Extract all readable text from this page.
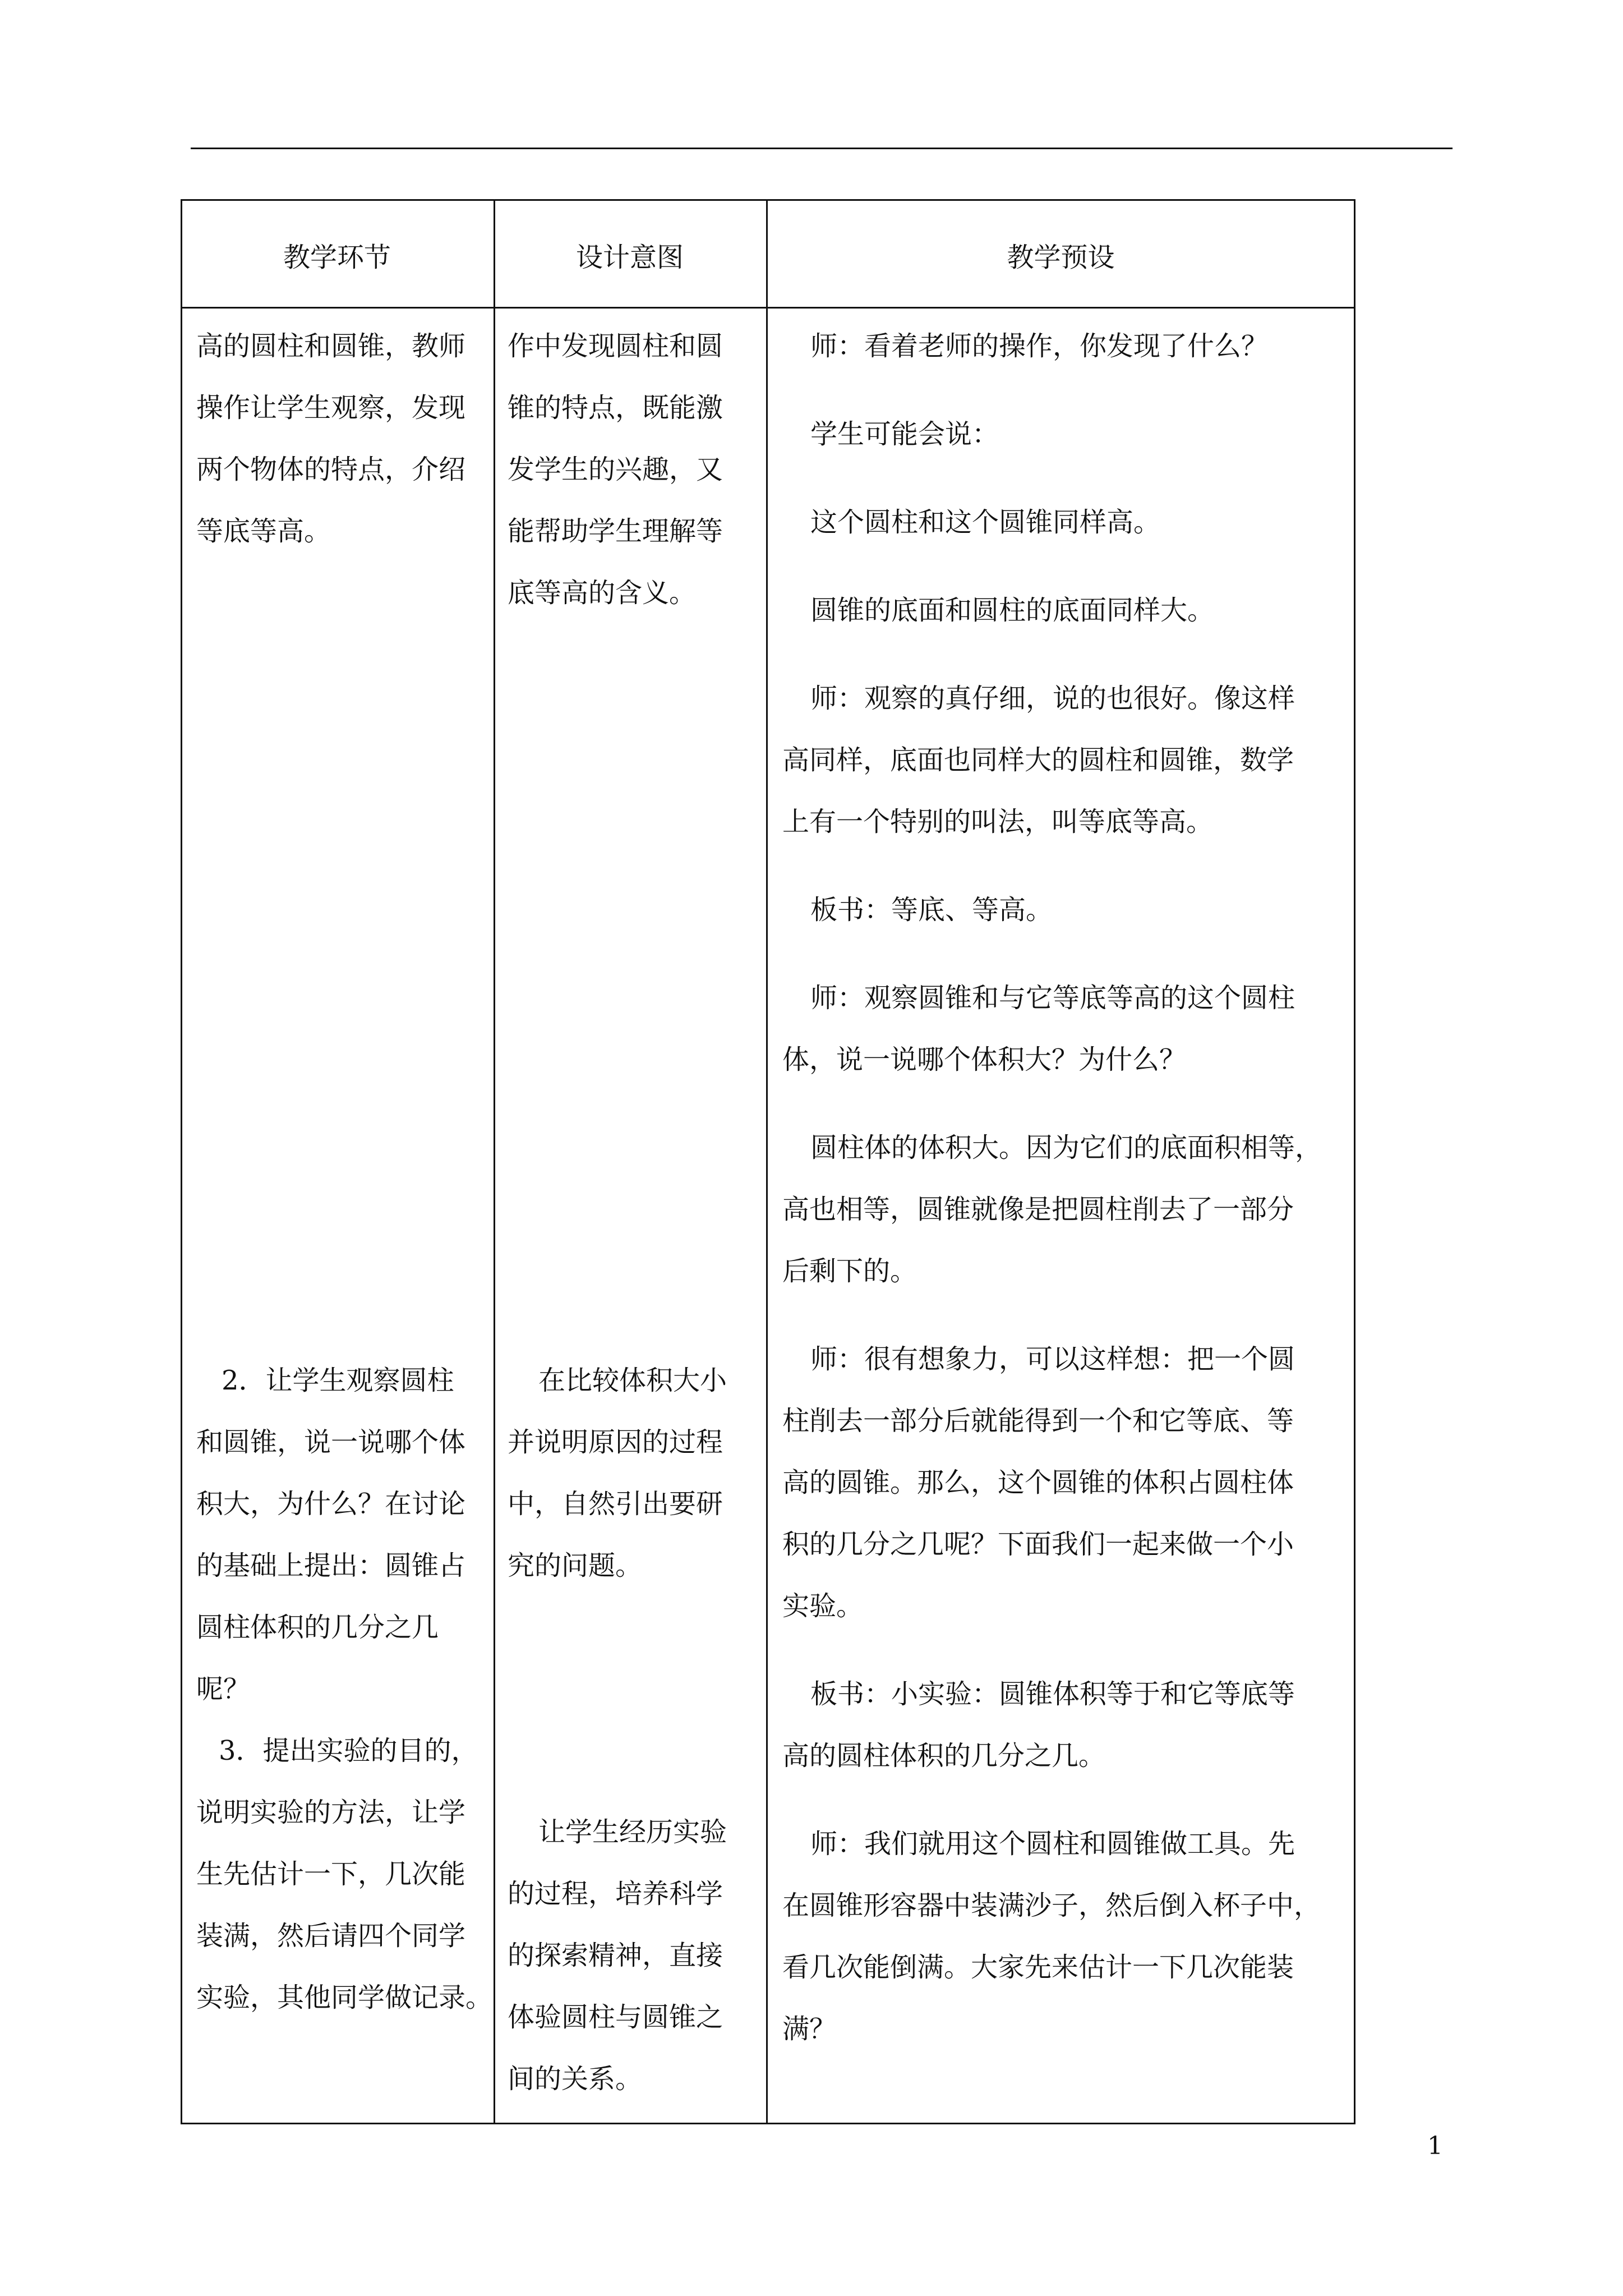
教学环节	设计意图	教学预设
高的圆柱和圆锥，教师
操作让学生观察，发现
两个物体的特点，介绍
等底等高。
2．让学生观察圆柱
和圆锥，说一说哪个体
积大，为什么？在讨论
的基础上提出：圆锥占
圆柱体积的几分之几
呢？
3．提出实验的目的，
说明实验的方法，让学
生先估计一下，几次能
装满，然后请四个同学
实验，其他同学做记录。
作中发现圆柱和圆
锥的特点，既能激
发学生的兴趣，又
能帮助学生理解等
底等高的含义。
在比较体积大小
并说明原因的过程
中，自然引出要研
究的问题。
让学生经历实验
的过程，培养科学
的探索精神，直接
体验圆柱与圆锥之
间的关系。
师：看着老师的操作，你发现了什么？
学生可能会说：
这个圆柱和这个圆锥同样高。
圆锥的底面和圆柱的底面同样大。
师：观察的真仔细，说的也很好。像这样
高同样，底面也同样大的圆柱和圆锥，数学
上有一个特别的叫法，叫等底等高。
板书：等底、等高。
师：观察圆锥和与它等底等高的这个圆柱
体，说一说哪个体积大？为什么？
圆柱体的体积大。因为它们的底面积相等，
高也相等，圆锥就像是把圆柱削去了一部分
后剩下的。
师：很有想象力，可以这样想：把一个圆
柱削去一部分后就能得到一个和它等底、等
高的圆锥。那么，这个圆锥的体积占圆柱体
积的几分之几呢？下面我们一起来做一个小
实验。
板书：小实验：圆锥体积等于和它等底等
高的圆柱体积的几分之几。
师：我们就用这个圆柱和圆锥做工具。先
在圆锥形容器中装满沙子，然后倒入杯子中，
看几次能倒满。大家先来估计一下几次能装
满？
1
